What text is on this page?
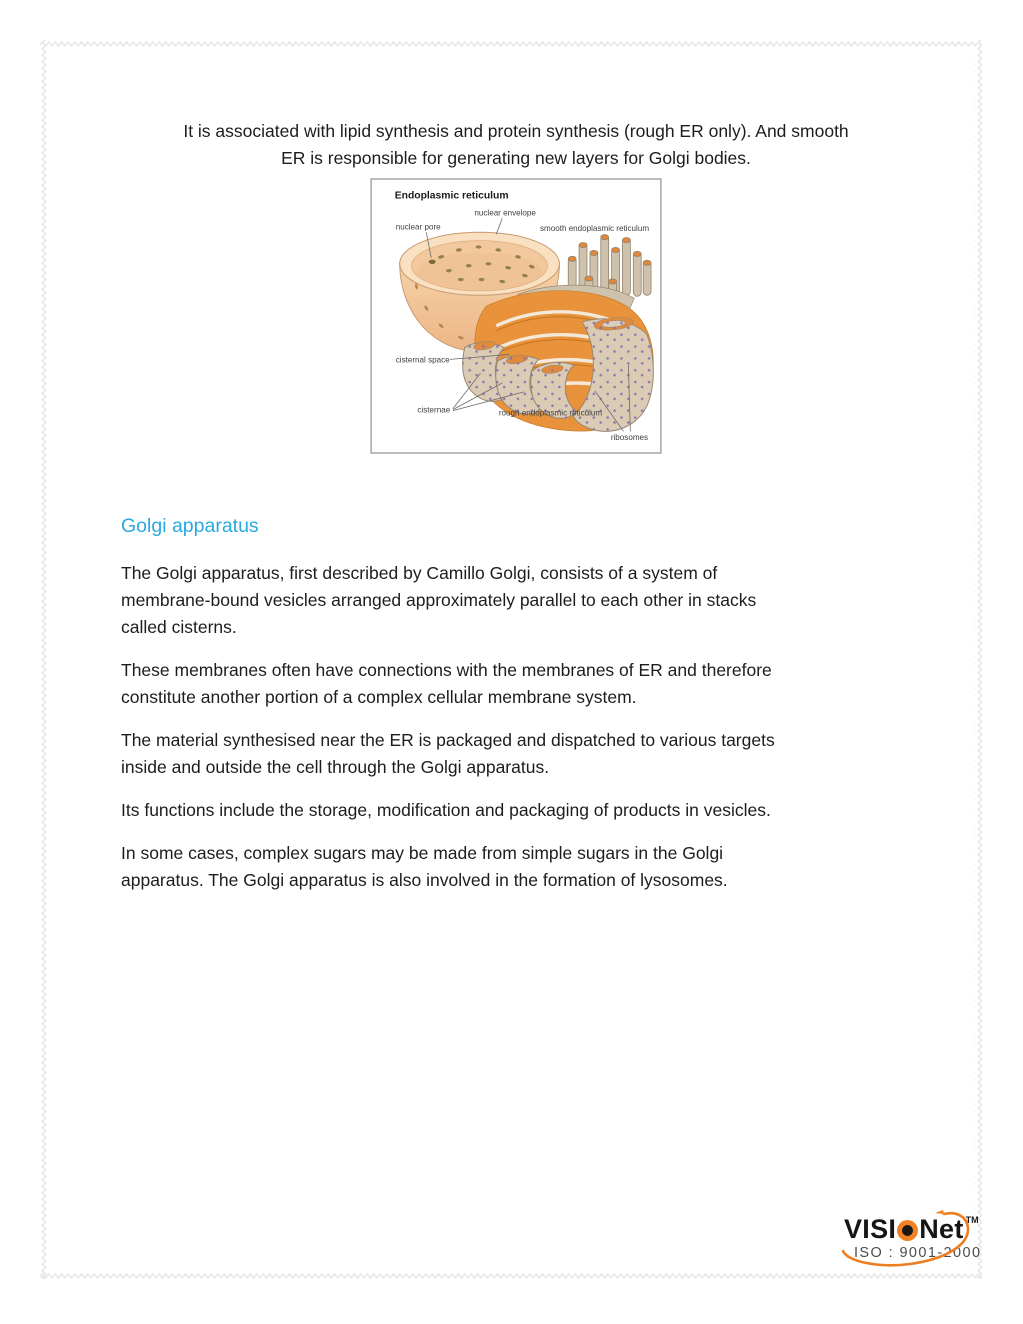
It is associated with lipid synthesis and protein synthesis (rough ER only). And smooth
ER is responsible for generating new layers for Golgi bodies.

Endoplasmic reticulum
nuclear envelope
nuclear pore	smooth endoplasmic reticulum
cisternal space
cisternae	rough endoplasmic reticulum
ribosomes
Golgi apparatus

The Golgi apparatus, first described by Camillo Golgi, consists of a system of
membrane-bound vesicles arranged approximately parallel to each other in stacks
called cisterns.

These membranes often have connections with the membranes of ER and therefore
constitute another portion of a complex cellular membrane system.

The material synthesised near the ER is packaged and dispatched to various targets
inside and outside the cell through the Golgi apparatus.

Its functions include the storage, modification and packaging of products in vesicles.

In some cases, complex sugars may be made from simple sugars in the Golgi
apparatus. The Golgi apparatus is also involved in the formation of lysosomes.

VISI Net TM
ISO : 9001-2000
